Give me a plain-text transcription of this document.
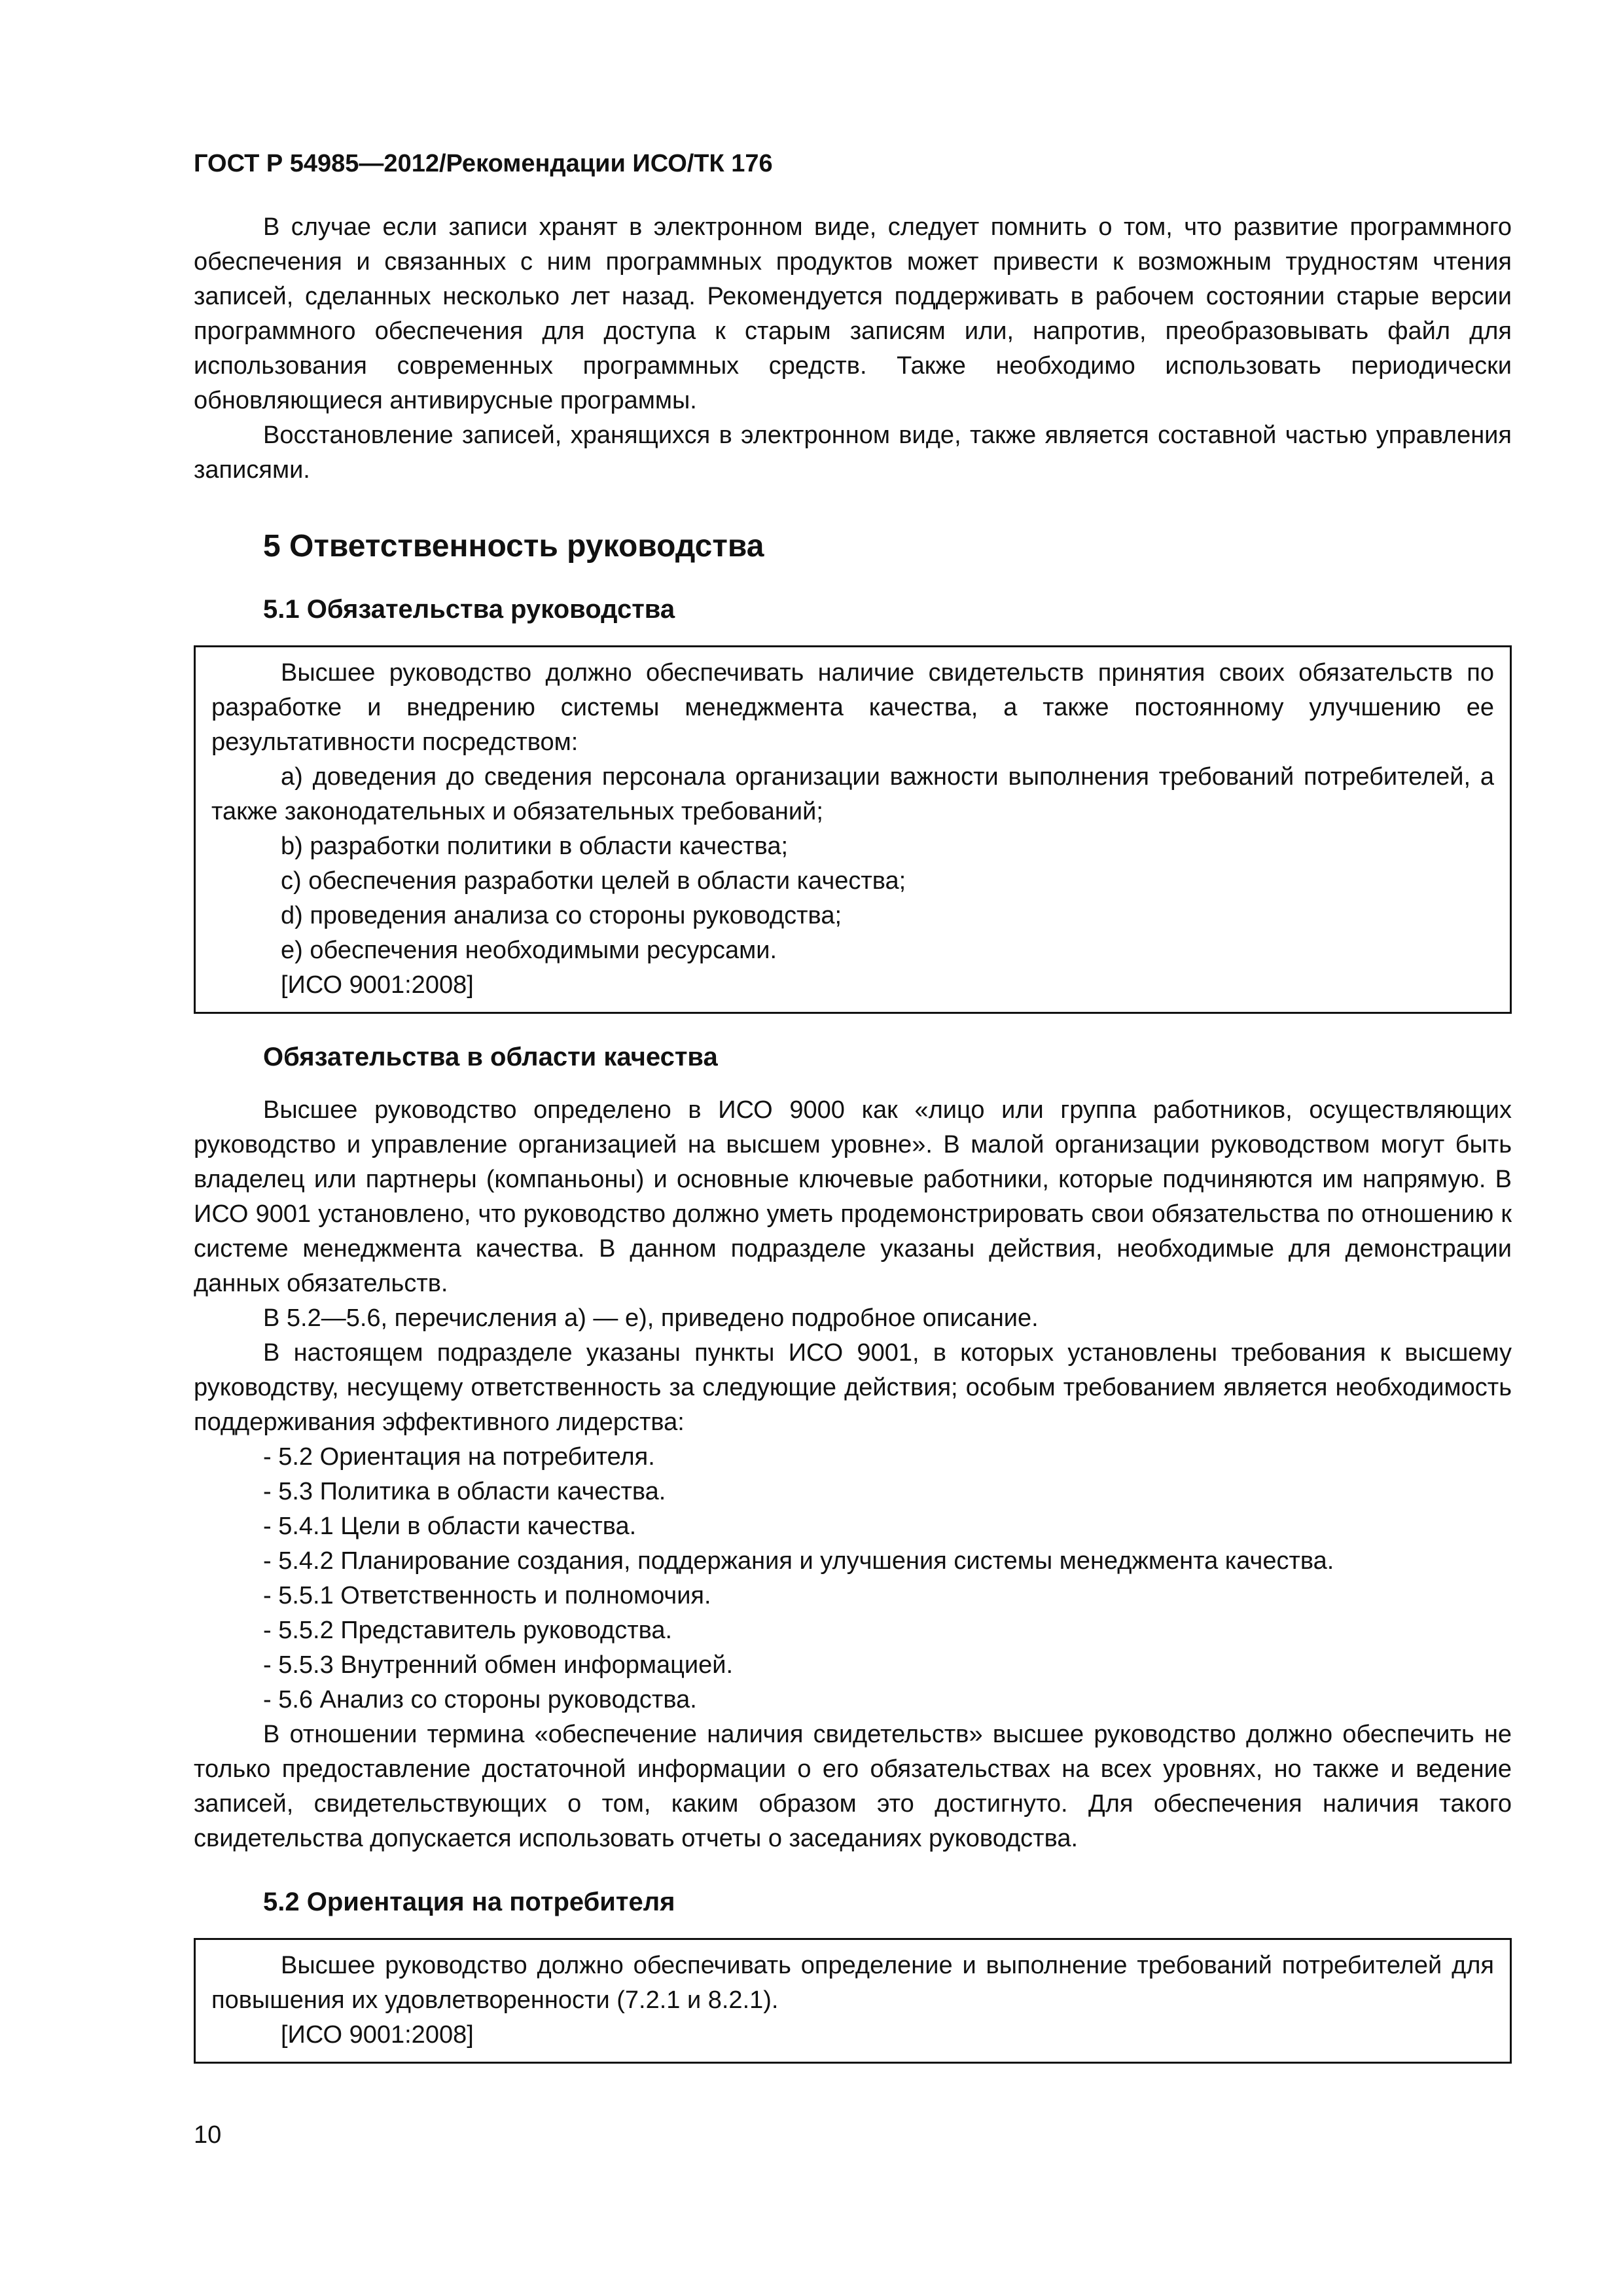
ГОСТ Р 54985—2012/Рекомендации ИСО/ТК 176

В случае если записи хранят в электронном виде, следует помнить о том, что развитие программного обеспечения и связанных с ним программных продуктов может привести к возможным трудностям чтения записей, сделанных несколько лет назад. Рекомендуется поддерживать в рабочем состоянии старые версии программного обеспечения для доступа к старым записям или, напротив, преобразовывать файл для использования современных программных средств. Также необходимо использовать периодически обновляющиеся антивирусные программы.

Восстановление записей, хранящихся в электронном виде, также является составной частью управления записями.

5 Ответственность руководства
5.1 Обязательства руководства

Высшее руководство должно обеспечивать наличие свидетельств принятия своих обязательств по разработке и внедрению системы менеджмента качества, а также постоянному улучшению ее результативности посредством:

а) доведения до сведения персонала организации важности выполнения требований потребителей, а также законодательных и обязательных требований;

b) разработки политики в области качества;

c) обеспечения разработки целей в области качества;

d) проведения анализа со стороны руководства;

е) обеспечения необходимыми ресурсами.

[ИСО 9001:2008]

Обязательства в области качества

Высшее руководство определено в ИСО 9000 как «лицо или группа работников, осуществляющих руководство и управление организацией на высшем уровне». В малой организации руководством могут быть владелец или партнеры (компаньоны) и основные ключевые работники, которые подчиняются им напрямую. В ИСО 9001 установлено, что руководство должно уметь продемонстрировать свои обязательства по отношению к системе менеджмента качества. В данном подразделе указаны действия, необходимые для демонстрации данных обязательств.

В 5.2—5.6, перечисления а) — е), приведено подробное описание.

В настоящем подразделе указаны пункты ИСО 9001, в которых установлены требования к высшему руководству, несущему ответственность за следующие действия; особым требованием является необходимость поддерживания эффективного лидерства:

- 5.2 Ориентация на потребителя.

- 5.3 Политика в области качества.

- 5.4.1 Цели в области качества.

- 5.4.2 Планирование создания, поддержания и улучшения системы менеджмента качества.

- 5.5.1 Ответственность и полномочия.

- 5.5.2 Представитель руководства.

- 5.5.3 Внутренний обмен информацией.

- 5.6 Анализ со стороны руководства.

В отношении термина «обеспечение наличия свидетельств» высшее руководство должно обеспечить не только предоставление достаточной информации о его обязательствах на всех уровнях, но также и ведение записей, свидетельствующих о том, каким образом это достигнуто. Для обеспечения наличия такого свидетельства допускается использовать отчеты о заседаниях руководства.

5.2 Ориентация на потребителя

Высшее руководство должно обеспечивать определение и выполнение требований потребителей для повышения их удовлетворенности (7.2.1 и 8.2.1).

[ИСО 9001:2008]

10
